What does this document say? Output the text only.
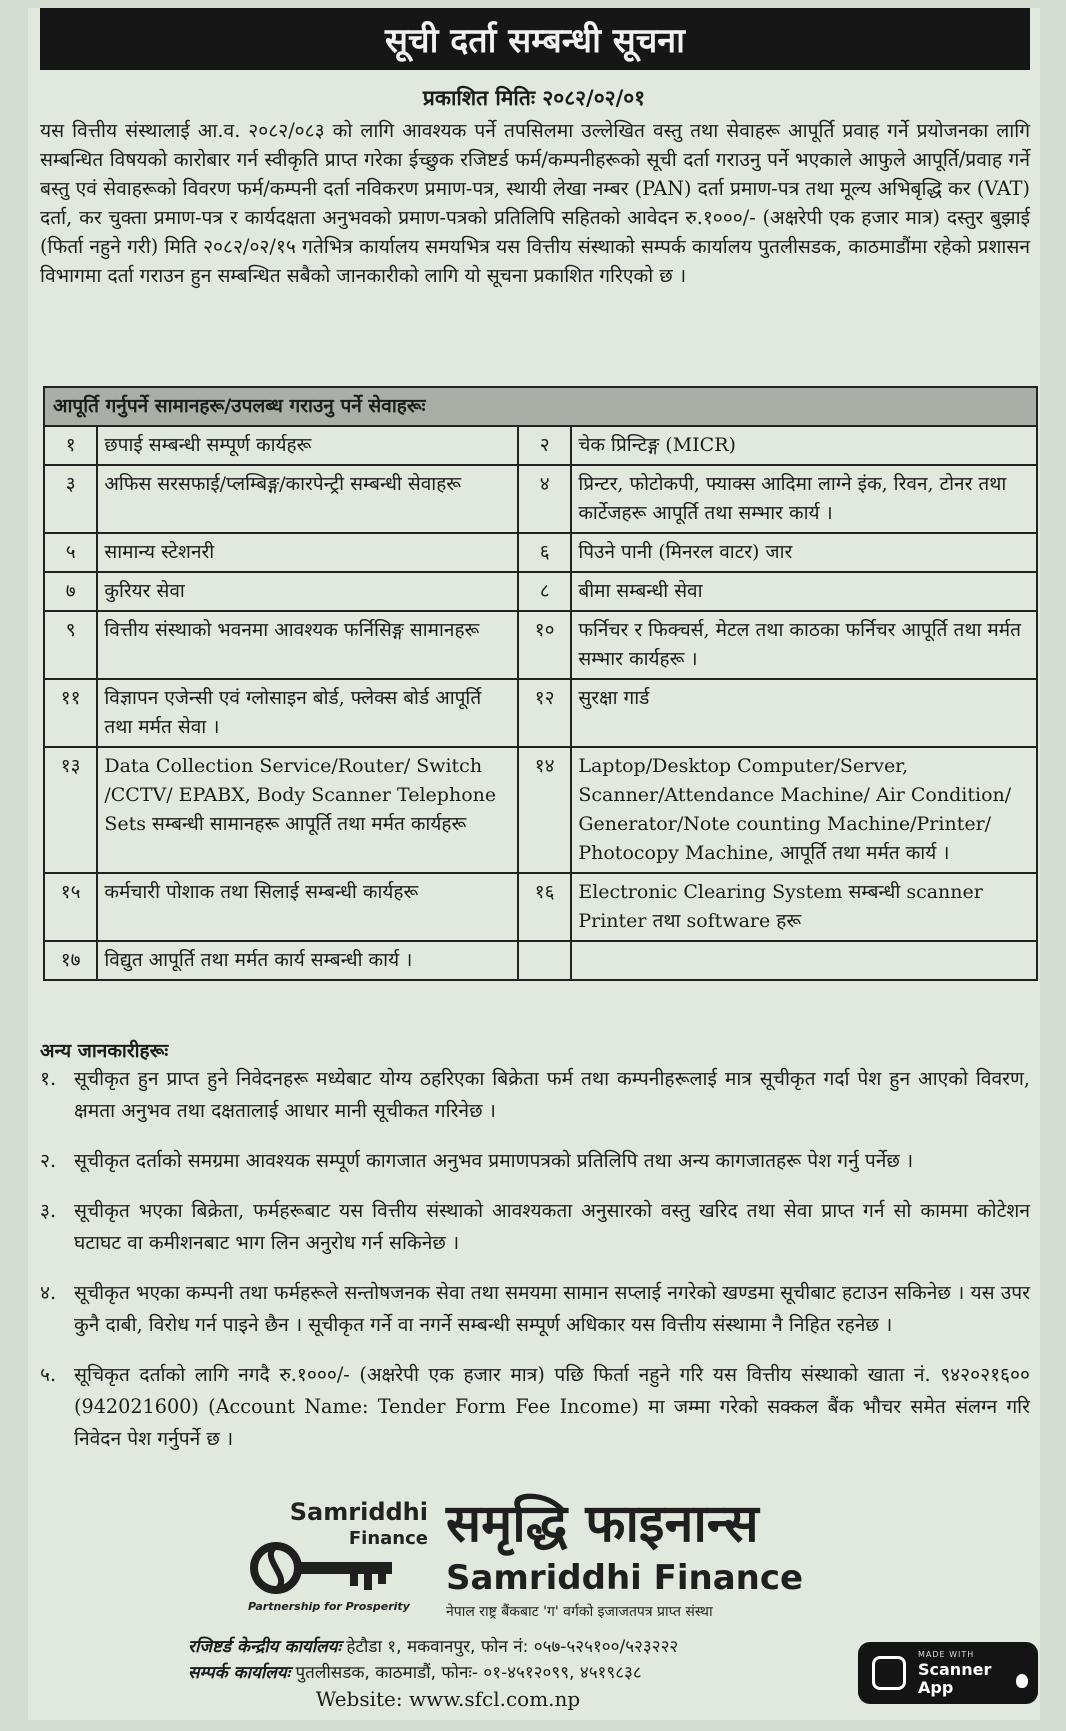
सूची दर्ता सम्बन्धी सूचना
प्रकाशित मितिः २०८२/०२/०१

यस वित्तीय संस्थालाई आ.व. २०८२/०८३ को लागि आवश्यक पर्ने तपसिलमा उल्लेखित वस्तु तथा सेवाहरू आपूर्ति प्रवाह गर्ने प्रयोजनका लागि सम्बन्धित विषयको कारोबार गर्न स्वीकृति प्राप्त गरेका ईच्छुक रजिष्टर्ड फर्म/कम्पनीहरूको सूची दर्ता गराउनु पर्ने भएकाले आफुले आपूर्ति/प्रवाह गर्ने बस्तु एवं सेवाहरूको विवरण फर्म/कम्पनी दर्ता नविकरण प्रमाण-पत्र, स्थायी लेखा नम्बर (PAN) दर्ता प्रमाण-पत्र तथा मूल्य अभिबृद्धि कर (VAT) दर्ता, कर चुक्ता प्रमाण-पत्र र कार्यदक्षता अनुभवको प्रमाण-पत्रको प्रतिलिपि सहितको आवेदन रु.१०००/- (अक्षरेपी एक हजार मात्र) दस्तुर बुझाई (फिर्ता नहुने गरी) मिति २०८२/०२/१५ गतेभित्र कार्यालय समयभित्र यस वित्तीय संस्थाको सम्पर्क कार्यालय पुतलीसडक, काठमाडौंमा रहेको प्रशासन विभागमा दर्ता गराउन हुन सम्बन्धित सबैको जानकारीको लागि यो सूचना प्रकाशित गरिएको छ ।

आपूर्ति गर्नुपर्ने सामानहरू/उपलब्ध गराउनु पर्ने सेवाहरूः			
१	छपाई सम्बन्धी सम्पूर्ण कार्यहरू	२	चेक प्रिन्टिङ्ग (MICR)
३	अफिस सरसफाई/प्लम्बिङ्ग/कारपेन्ट्री सम्बन्धी सेवाहरू	४	प्रिन्टर, फोटोकपी, फ्याक्स आदिमा लाग्ने इंक, रिवन, टोनर तथा कार्टेजहरू आपूर्ति तथा सम्भार कार्य ।
५	सामान्य स्टेशनरी	६	पिउने पानी (मिनरल वाटर) जार
७	कुरियर सेवा	८	बीमा सम्बन्धी सेवा
९	वित्तीय संस्थाको भवनमा आवश्यक फर्निसिङ्ग सामानहरू	१०	फर्निचर र फिक्चर्स, मेटल तथा काठका फर्निचर आपूर्ति तथा मर्मत सम्भार कार्यहरू ।
११	विज्ञापन एजेन्सी एवं ग्लोसाइन बोर्ड, फ्लेक्स बोर्ड आपूर्ति तथा मर्मत सेवा ।	१२	सुरक्षा गार्ड
१३	Data Collection Service/Router/ Switch /CCTV/ EPABX, Body Scanner Telephone Sets सम्बन्धी सामानहरू आपूर्ति तथा मर्मत कार्यहरू	१४	Laptop/Desktop Computer/Server, Scanner/Attendance Machine/ Air Condition/ Generator/Note counting Machine/Printer/ Photocopy Machine, आपूर्ति तथा मर्मत कार्य ।
१५	कर्मचारी पोशाक तथा सिलाई सम्बन्धी कार्यहरू	१६	Electronic Clearing System सम्बन्धी scanner Printer तथा software हरू
१७	विद्युत आपूर्ति तथा मर्मत कार्य सम्बन्धी कार्य ।		

अन्य जानकारीहरूः

१. सूचीकृत हुन प्राप्त हुने निवेदनहरू मध्येबाट योग्य ठहरिएका बिक्रेता फर्म तथा कम्पनीहरूलाई मात्र सूचीकृत गर्दा पेश हुन आएको विवरण, क्षमता अनुभव तथा दक्षतालाई आधार मानी सूचीकत गरिनेछ ।
२. सूचीकृत दर्ताको समग्रमा आवश्यक सम्पूर्ण कागजात अनुभव प्रमाणपत्रको प्रतिलिपि तथा अन्य कागजातहरू पेश गर्नु पर्नेछ ।
३. सूचीकृत भएका बिक्रेता, फर्महरूबाट यस वित्तीय संस्थाको आवश्यकता अनुसारको वस्तु खरिद तथा सेवा प्राप्त गर्न सो काममा कोटेशन घटाघट वा कमीशनबाट भाग लिन अनुरोध गर्न सकिनेछ ।
४. सूचीकृत भएका कम्पनी तथा फर्महरूले सन्तोषजनक सेवा तथा समयमा सामान सप्लाई नगरेको खण्डमा सूचीबाट हटाउन सकिनेछ । यस उपर कुनै दाबी, विरोध गर्न पाइने छैन । सूचीकृत गर्ने वा नगर्ने सम्बन्धी सम्पूर्ण अधिकार यस वित्तीय संस्थामा नै निहित रहनेछ ।
५. सूचिकृत दर्ताको लागि नगदै रु.१०००/- (अक्षरेपी एक हजार मात्र) पछि फिर्ता नहुने गरि यस वित्तीय संस्थाको खाता नं. ९४२०२१६०० (942021600) (Account Name: Tender Form Fee Income) मा जम्मा गरेको सक्कल बैंक भौचर समेत संलग्न गरि निवेदन पेश गर्नुपर्ने छ ।
Samriddhi
Finance
Partnership for Prosperity
समृद्धि फाइनान्स
Samriddhi Finance
नेपाल राष्ट्र बैंकबाट 'ग' वर्गको इजाजतपत्र प्राप्त संस्था
रजिष्टर्ड केन्द्रीय कार्यालयः हेटौडा १, मकवानपुर, फोन नं: ०५७-५२५१००/५२३२२२
सम्पर्क कार्यालयः पुतलीसडक, काठमाडौं, फोनः- ०१-४५१२०९९, ४५१९८३८
Website: www.sfcl.com.np
MADE WITH
Scanner
App
